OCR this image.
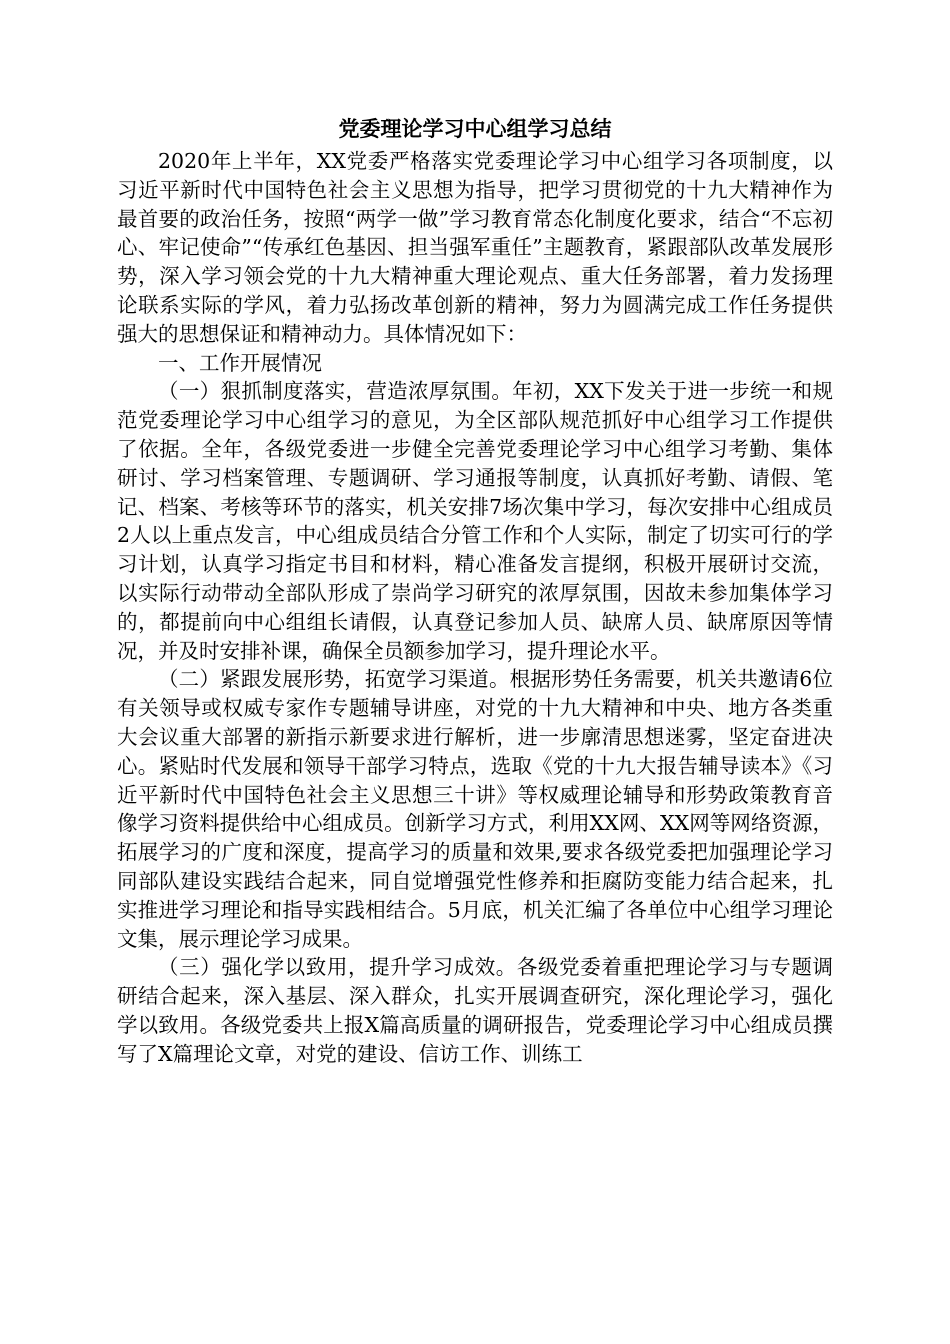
党委理论学习中心组学习总结

2020年上半年，XX党委严格落实党委理论学习中心组学习各项制度，以习近平新时代中国特色社会主义思想为指导，把学习贯彻党的十九大精神作为最首要的政治任务，按照“两学一做”学习教育常态化制度化要求，结合“不忘初心、牢记使命”“传承红色基因、担当强军重任”主题教育，紧跟部队改革发展形势，深入学习领会党的十九大精神重大理论观点、重大任务部署，着力发扬理论联系实际的学风，着力弘扬改革创新的精神，努力为圆满完成工作任务提供强大的思想保证和精神动力。具体情况如下：

一、工作开展情况

（一）狠抓制度落实，营造浓厚氛围。年初，XX下发关于进一步统一和规范党委理论学习中心组学习的意见，为全区部队规范抓好中心组学习工作提供了依据。全年，各级党委进一步健全完善党委理论学习中心组学习考勤、集体研讨、学习档案管理、专题调研、学习通报等制度，认真抓好考勤、请假、笔记、档案、考核等环节的落实，机关安排7场次集中学习，每次安排中心组成员2人以上重点发言，中心组成员结合分管工作和个人实际，制定了切实可行的学习计划，认真学习指定书目和材料，精心准备发言提纲，积极开展研讨交流，以实际行动带动全部队形成了崇尚学习研究的浓厚氛围，因故未参加集体学习的，都提前向中心组组长请假，认真登记参加人员、缺席人员、缺席原因等情况，并及时安排补课，确保全员额参加学习，提升理论水平。

（二）紧跟发展形势，拓宽学习渠道。根据形势任务需要，机关共邀请6位有关领导或权威专家作专题辅导讲座，对党的十九大精神和中央、地方各类重大会议重大部署的新指示新要求进行解析，进一步廓清思想迷雾，坚定奋进决心。紧贴时代发展和领导干部学习特点，选取《党的十九大报告辅导读本》《习近平新时代中国特色社会主义思想三十讲》等权威理论辅导和形势政策教育音像学习资料提供给中心组成员。创新学习方式，利用XX网、XX网等网络资源，拓展学习的广度和深度，提高学习的质量和效果,要求各级党委把加强理论学习同部队建设实践结合起来，同自觉增强党性修养和拒腐防变能力结合起来，扎实推进学习理论和指导实践相结合。5月底，机关汇编了各单位中心组学习理论文集，展示理论学习成果。

（三）强化学以致用，提升学习成效。各级党委着重把理论学习与专题调研结合起来，深入基层、深入群众，扎实开展调查研究，深化理论学习，强化学以致用。各级党委共上报X篇高质量的调研报告，党委理论学习中心组成员撰写了X篇理论文章，对党的建设、信访工作、训练工
